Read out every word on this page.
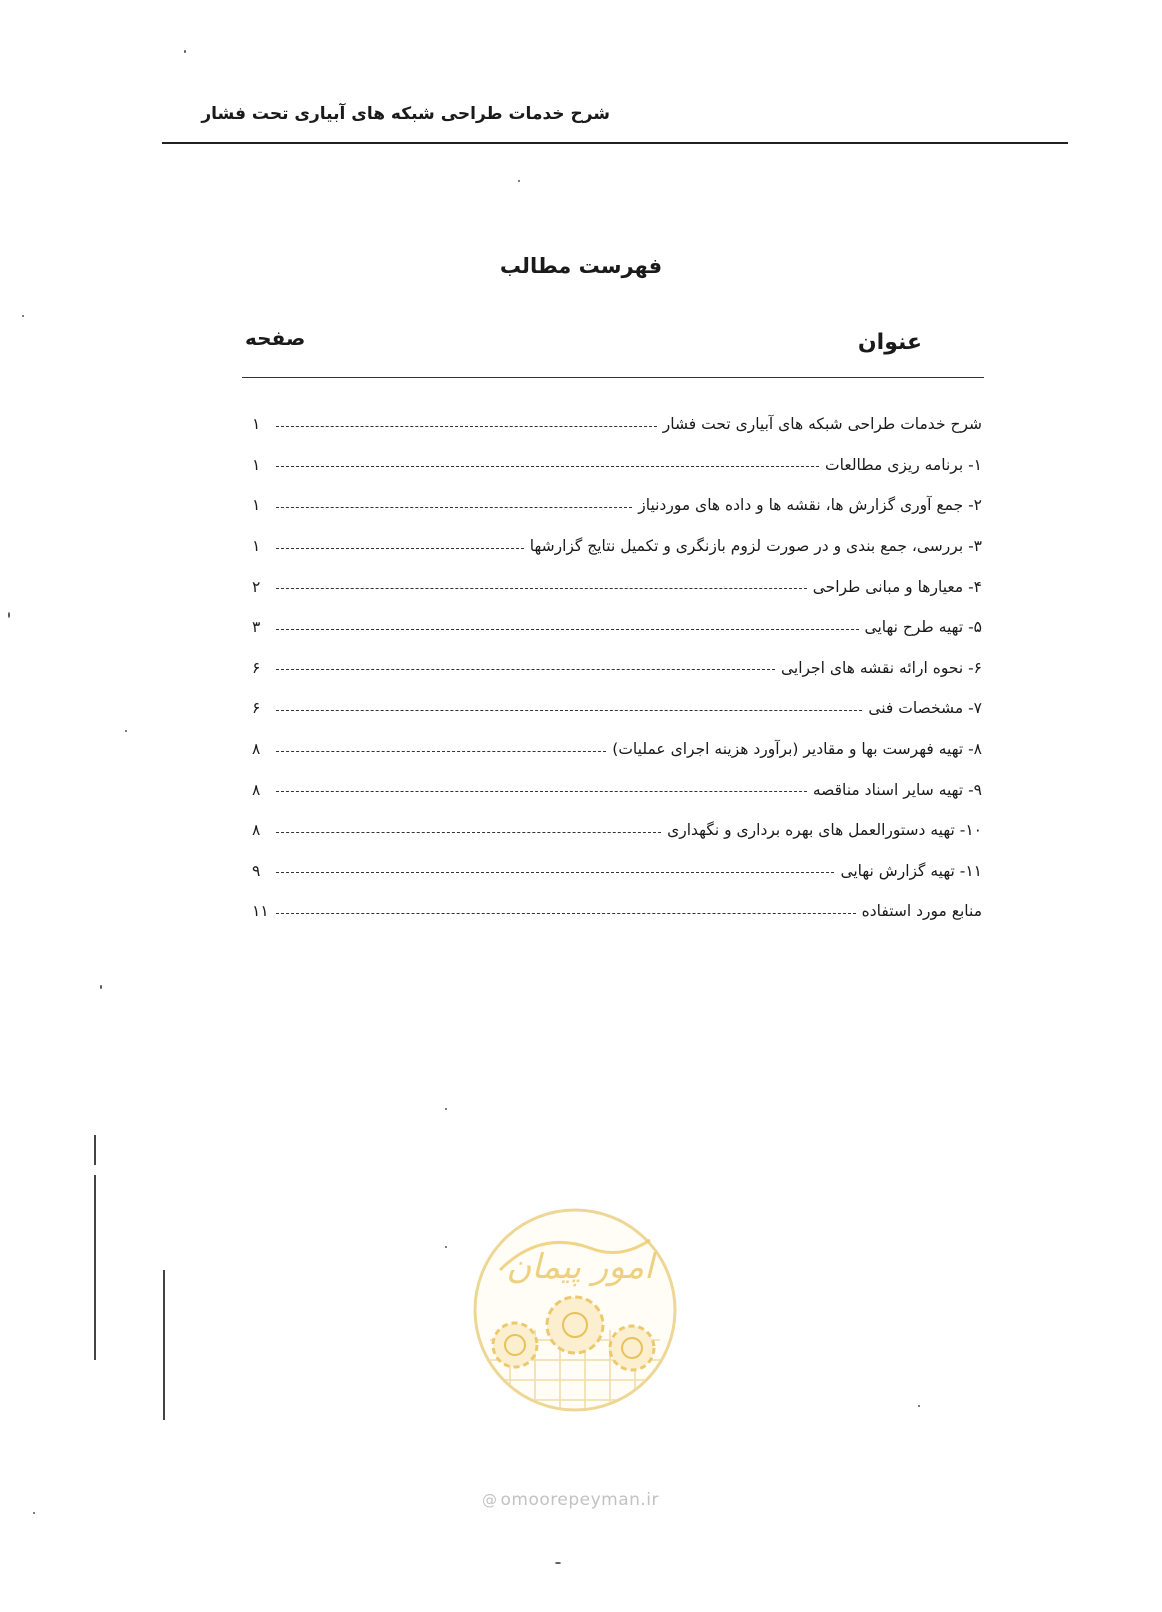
شرح خدمات طراحی شبکه های آبیاری تحت فشار
فهرست مطالب
عنوان
صفحه
شرح خدمات طراحی شبکه های آبیاری تحت فشار
۱
۱- برنامه ریزی مطالعات
۱
۲- جمع آوری گزارش ها، نقشه ها و داده های موردنیاز
۱
۳- بررسی، جمع بندی و در صورت لزوم بازنگری و تکمیل نتایج گزارشها
۱
۴- معیارها و مبانی طراحی
۲
۵- تهیه طرح نهایی
۳
۶- نحوه ارائه نقشه های اجرایی
۶
۷- مشخصات فنی
۶
۸- تهیه فهرست بها و مقادیر (برآورد هزینه اجرای عملیات)
۸
۹- تهیه سایر اسناد مناقصه
۸
۱۰- تهیه دستورالعمل های بهره برداری و نگهداری
۸
۱۱- تهیه گزارش نهایی
۹
منابع مورد استفاده
۱۱
امور پیمان
@ omoorepeyman.ir
